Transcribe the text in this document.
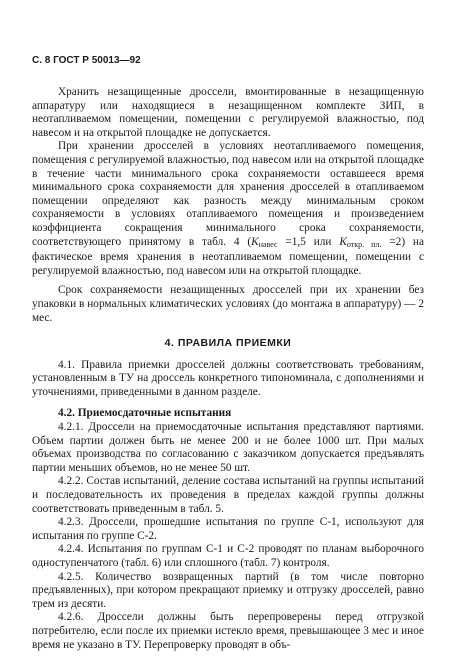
С. 8 ГОСТ Р 50013—92

Хранить незащищенные дроссели, вмонтированные в незащищенную аппаратуру или находящиеся в незащищенном комплекте ЗИП, в неотапливаемом помещении, помещении с регулируемой влажностью, под навесом и на открытой площадке не допускается.

При хранении дросселей в условиях неотапливаемого помещения, помещения с регулируемой влажностью, под навесом или на открытой площадке в течение части минимального срока сохраняемости оставшееся время минимального срока сохраняемости для хранения дросселей в отапливаемом помещении определяют как разность между минимальным сроком сохраняемости в условиях отапливаемого помещения и произведением коэффициента сокращения минимального срока сохраняемости, соответствующего принятому в табл. 4 ($K_{навес} =1,5$ или $K_{откр. пл.} =2$) на фактическое время хранения в неотапливаемом помещении, помещении с регулируемой влажностью, под навесом или на открытой площадке.

Срок сохраняемости незащищенных дросселей при их хранении без упаковки в нормальных климатических условиях (до монтажа в аппаратуру) — 2 мес.

4. ПРАВИЛА ПРИЕМКИ

4.1. Правила приемки дросселей должны соответствовать требованиям, установленным в ТУ на дроссель конкретного типономинала, с дополнениями и уточнениями, приведенными в данном разделе.

4.2. Приемосдаточные испытания

4.2.1. Дроссели на приемосдаточные испытания представляют партиями. Объем партии должен быть не менее 200 и не более 1000 шт. При малых объемах производства по согласованию с заказчиком допускается предъявлять партии меньших объемов, но не менее 50 шт.

4.2.2. Состав испытаний, деление состава испытаний на группы испытаний и последовательность их проведения в пределах каждой группы должны соответствовать приведенным в табл. 5.

4.2.3. Дроссели, прошедшие испытания по группе С-1, используют для испытания по группе С-2.

4.2.4. Испытания по группам С-1 и С-2 проводят по планам выборочного одноступенчатого (табл. 6) или сплошного (табл. 7) контроля.

4.2.5. Количество возвращенных партий (в том числе повторно предъявленных), при котором прекращают приемку и отгрузку дросселей, равно трем из десяти.

4.2.6. Дроссели должны быть перепроверены перед отгрузкой потребителю, если после их приемки истекло время, превышающее 3 мес и иное время не указано в ТУ. Перепроверку проводят в объ-
